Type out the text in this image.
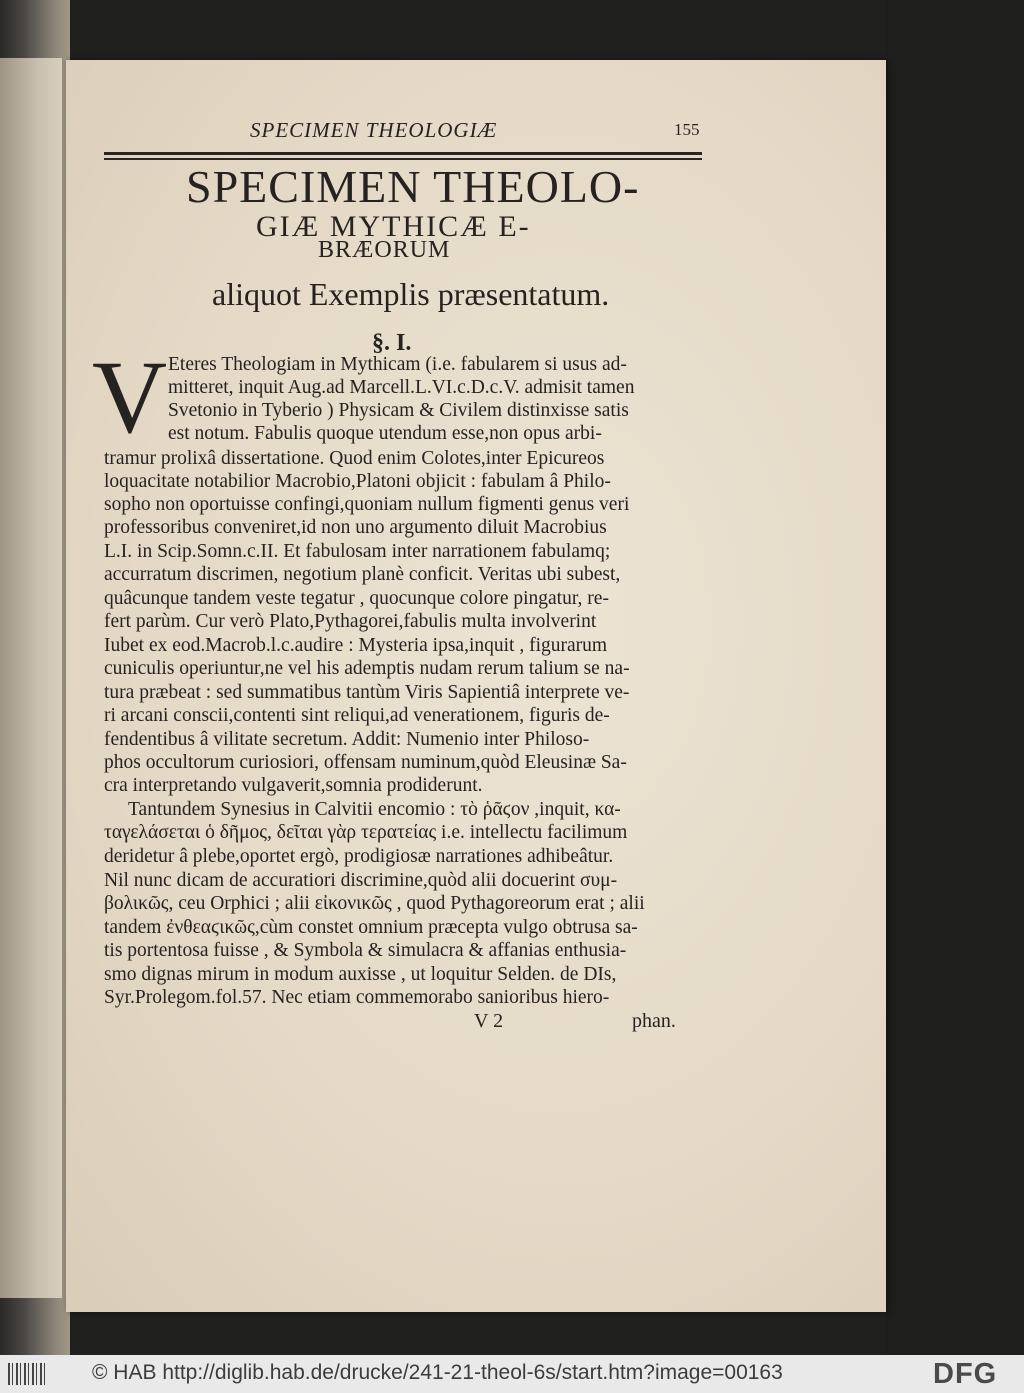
SPECIMEN THEOLOGIÆ	155
SPECIMEN THEOLO-
GIÆ MYTHICÆ E-
BRÆORUM
aliquot Exemplis præsentatum.
§. I.
V Eteres Theologiam in Mythicam (i.e. fabularem si usus ad-
mitteret, inquit Aug.ad Marcell.L.VI.c.D.c.V. admisit tamen
Svetonio in Tyberio ) Physicam & Civilem distinxisse satis
est notum. Fabulis quoque utendum esse,non opus arbi-
tramur prolixâ dissertatione. Quod enim Colotes,inter Epicureos
loquacitate notabilior Macrobio,Platoni objicit : fabulam â Philo-
sopho non oportuisse confingi,quoniam nullum figmenti genus veri
professoribus conveniret,id non uno argumento diluit Macrobius
L.I. in Scip.Somn.c.II. Et fabulosam inter narrationem fabulamq;
accurratum discrimen, negotium planè conficit. Veritas ubi subest,
quâcunque tandem veste tegatur , quocunque colore pingatur, re-
fert parùm. Cur verò Plato,Pythagorei,fabulis multa involverint
Iubet ex eod.Macrob.l.c.audire : Mysteria ipsa,inquit , figurarum
cuniculis operiuntur,ne vel his ademptis nudam rerum talium se na-
tura præbeat : sed summatibus tantùm Viris Sapientiâ interprete ve-
ri arcani conscii,contenti sint reliqui,ad venerationem, figuris de-
fendentibus â vilitate secretum. Addit: Numenio inter Philoso-
phos occultorum curiosiori, offensam numinum,quòd Eleusinæ Sa-
cra interpretando vulgaverit,somnia prodiderunt.
Tantundem Synesius in Calvitii encomio : τὸ ῥᾶϛον ,inquit, κα-
ταγελάσεται ὁ δῆμος, δεῖται γὰρ τερατείας i.e. intellectu facilimum
deridetur â plebe,oportet ergò, prodigiosæ narrationes adhibeâtur.
Nil nunc dicam de accuratiori discrimine,quòd alii docuerint συμ-
βολικῶς, ceu Orphici ; alii εἰκονικῶς , quod Pythagoreorum erat ; alii
tandem ἐνθεαϛικῶς,cùm constet omnium præcepta vulgo obtrusa sa-
tis portentosa fuisse , & Symbola & simulacra & affanias enthusia-
smo dignas mirum in modum auxisse , ut loquitur Selden. de DIs,
Syr.Prolegom.fol.57. Nec etiam commemorabo sanioribus hiero-
V 2	phan.
© HAB http://diglib.hab.de/drucke/241-21-theol-6s/start.htm?image=00163	DFG
